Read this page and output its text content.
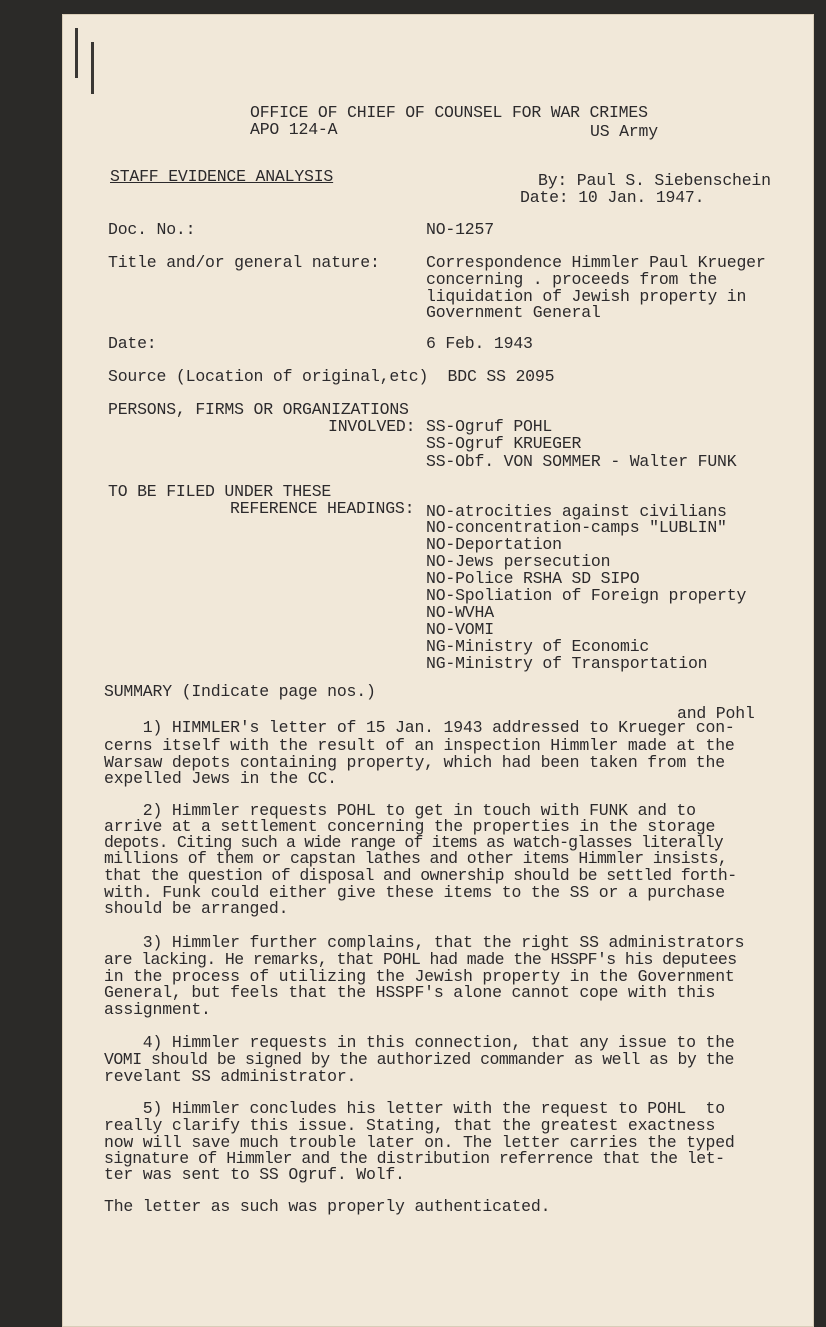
OFFICE OF CHIEF OF COUNSEL FOR WAR CRIMES
APO 124-A	US Army
STAFF EVIDENCE ANALYSIS	By: Paul S. Siebenschein
Date: 10 Jan. 1947.
Doc. No.:	NO-1257
Title and/or general nature:	Correspondence Himmler Paul Krueger
concerning . proceeds from the
liquidation of Jewish property in
Government General
Date:	6 Feb. 1943
Source (Location of original,etc)  BDC SS 2095
PERSONS, FIRMS OR ORGANIZATIONS
INVOLVED: SS-Ogruf POHL
SS-Ogruf KRUEGER
SS-Obf. VON SOMMER - Walter FUNK
TO BE FILED UNDER THESE
REFERENCE HEADINGS: NO-atrocities against civilians
NO-concentration-camps "LUBLIN"
NO-Deportation
NO-Jews persecution
NO-Police RSHA SD SIPO
NO-Spoliation of Foreign property
NO-WVHA
NO-VOMI
NG-Ministry of Economic
NG-Ministry of Transportation
SUMMARY (Indicate page nos.)
and Pohl
1) HIMMLER's letter of 15 Jan. 1943 addressed to Krueger con-
cerns itself with the result of an inspection Himmler made at the
Warsaw depots containing property, which had been taken from the
expelled Jews in the CC.
2) Himmler requests POHL to get in touch with FUNK and to
arrive at a settlement concerning the properties in the storage
depots. Citing such a wide range of items as watch-glasses literally
millions of them or capstan lathes and other items Himmler insists,
that the question of disposal and ownership should be settled forth-
with. Funk could either give these items to the SS or a purchase
should be arranged.
3) Himmler further complains, that the right SS administrators
are lacking. He remarks, that POHL had made the HSSPF's his deputees
in the process of utilizing the Jewish property in the Government
General, but feels that the HSSPF's alone cannot cope with this
assignment.
4) Himmler requests in this connection, that any issue to the
VOMI should be signed by the authorized commander as well as by the
revelant SS administrator.
5) Himmler concludes his letter with the request to POHL  to
really clarify this issue. Stating, that the greatest exactness
now will save much trouble later on. The letter carries the typed
signature of Himmler and the distribution referrence that the let-
ter was sent to SS Ogruf. Wolf.
The letter as such was properly authenticated.
